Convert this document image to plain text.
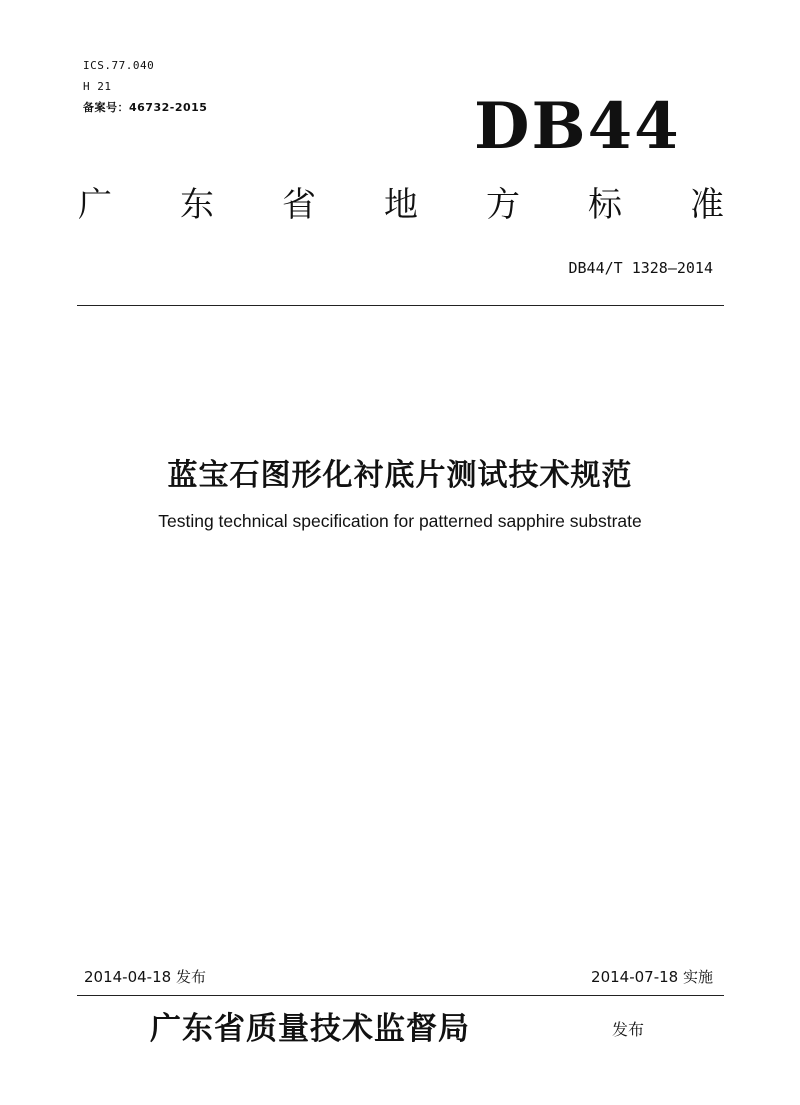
ICS.77.040
H 21
备案号：46732-2015	DB44
广 东 省 地 方 标 准
DB44/T 1328—2014
蓝宝石图形化衬底片测试技术规范
Testing technical specification for patterned sapphire substrate
2014-04-18 发布	2014-07-18 实施
广东省质量技术监督局	发布
